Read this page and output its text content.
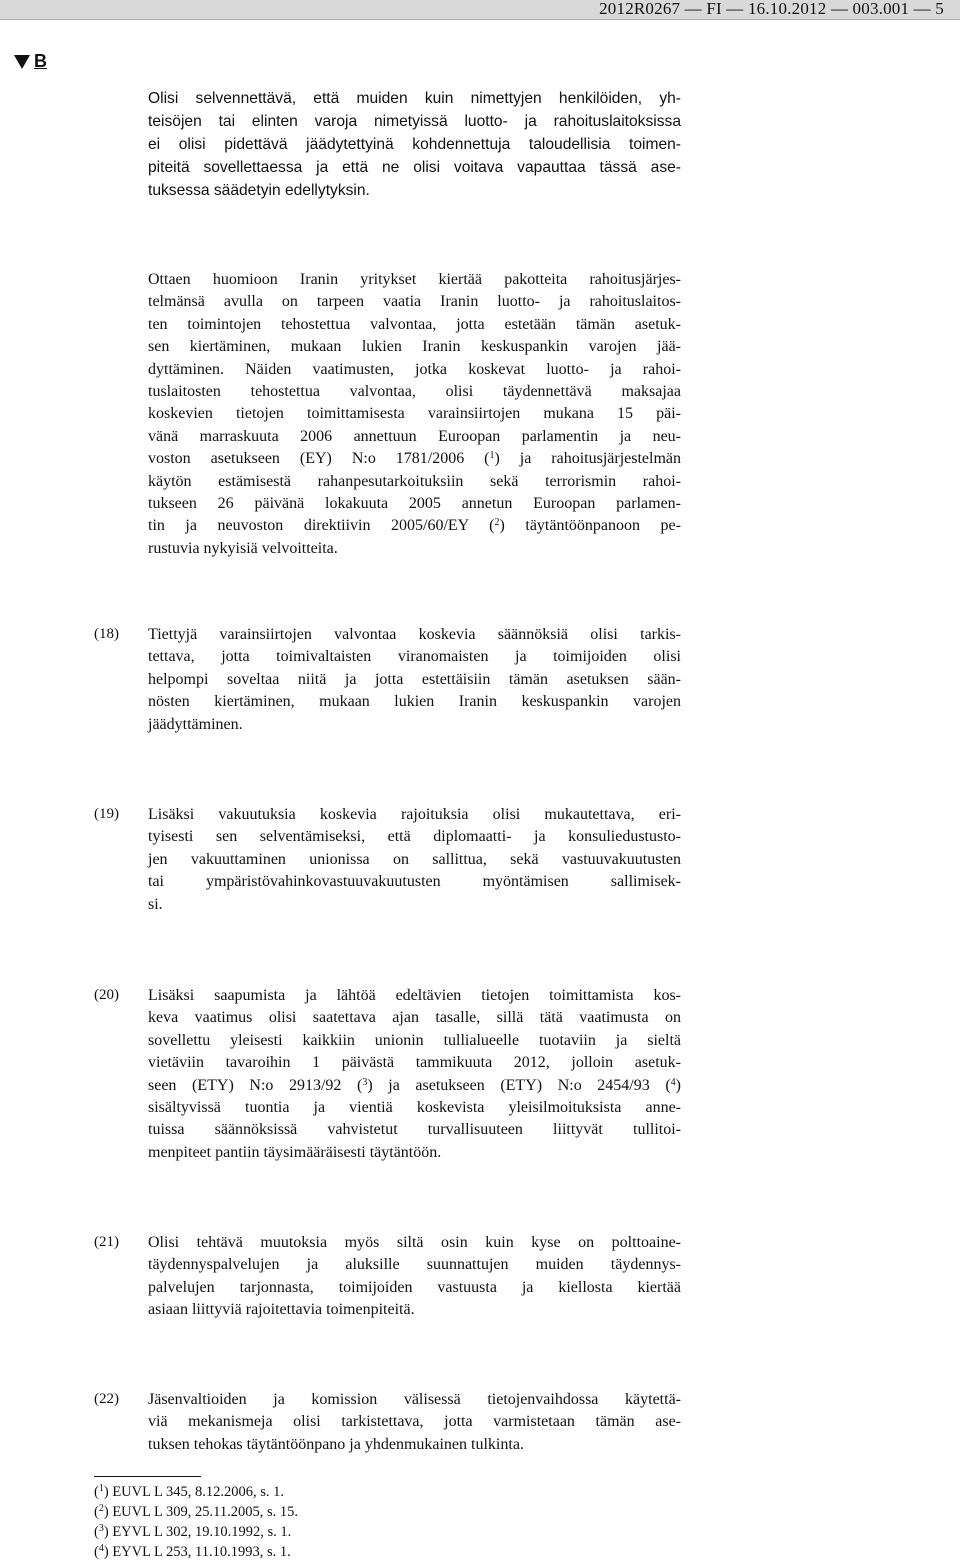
2012R0267 — FI — 16.10.2012 — 003.001 — 5
B
Olisi selvennettävä, että muiden kuin nimettyjen henkilöiden, yh-
teisöjen tai elinten varoja nimetyissä luotto- ja rahoituslaitoksissa
ei olisi pidettävä jäädytettyinä kohdennettuja taloudellisia toimen-
piteitä sovellettaessa ja että ne olisi voitava vapauttaa tässä ase-
tuksessa säädetyin edellytyksin.
Ottaen huomioon Iranin yritykset kiertää pakotteita rahoitusjärjes-
telmänsä avulla on tarpeen vaatia Iranin luotto- ja rahoituslaitos-
ten toimintojen tehostettua valvontaa, jotta estetään tämän asetuk-
sen kiertäminen, mukaan lukien Iranin keskuspankin varojen jää-
dyttäminen. Näiden vaatimusten, jotka koskevat luotto- ja rahoi-
tuslaitosten tehostettua valvontaa, olisi täydennettävä maksajaa
koskevien tietojen toimittamisesta varainsiirtojen mukana 15 päi-
vänä marraskuuta 2006 annettuun Euroopan parlamentin ja neu-
voston asetukseen (EY) N:o 1781/2006 ($^1$) ja rahoitusjärjestelmän
käytön estämisestä rahanpesutarkoituksiin sekä terrorismin rahoi-
tukseen 26 päivänä lokakuuta 2005 annetun Euroopan parlamen-
tin ja neuvoston direktiivin 2005/60/EY ($^2$) täytäntöönpanoon pe-
rustuvia nykyisiä velvoitteita.
(18) Tiettyjä varainsiirtojen valvontaa koskevia säännöksiä olisi tarkis-
tettava, jotta toimivaltaisten viranomaisten ja toimijoiden olisi
helpompi soveltaa niitä ja jotta estettäisiin tämän asetuksen sään-
nösten kiertäminen, mukaan lukien Iranin keskuspankin varojen
jäädyttäminen.
(19) Lisäksi vakuutuksia koskevia rajoituksia olisi mukautettava, eri-
tyisesti sen selventämiseksi, että diplomaatti- ja konsuliedustusto-
jen vakuuttaminen unionissa on sallittua, sekä vastuuvakuutusten
tai ympäristövahinkovastuuvakuutusten myöntämisen sallimisek-
si.
(20) Lisäksi saapumista ja lähtöä edeltävien tietojen toimittamista kos-
keva vaatimus olisi saatettava ajan tasalle, sillä tätä vaatimusta on
sovellettu yleisesti kaikkiin unionin tullialueelle tuotaviin ja sieltä
vietäviin tavaroihin 1 päivästä tammikuuta 2012, jolloin asetuk-
seen (ETY) N:o 2913/92 ($^3$) ja asetukseen (ETY) N:o 2454/93 ($^4$)
sisältyvissä tuontia ja vientiä koskevista yleisilmoituksista anne-
tuissa säännöksissä vahvistetut turvallisuuteen liittyvät tullitoi-
menpiteet pantiin täysimääräisesti täytäntöön.
(21) Olisi tehtävä muutoksia myös siltä osin kuin kyse on polttoaine-
täydennyspalvelujen ja aluksille suunnattujen muiden täydennys-
palvelujen tarjonnasta, toimijoiden vastuusta ja kiellosta kiertää
asiaan liittyviä rajoitettavia toimenpiteitä.
(22) Jäsenvaltioiden ja komission välisessä tietojenvaihdossa käytettä-
viä mekanismeja olisi tarkistettava, jotta varmistetaan tämän ase-
tuksen tehokas täytäntöönpano ja yhdenmukainen tulkinta.
($^1$) EUVL L 345, 8.12.2006, s. 1.
($^2$) EUVL L 309, 25.11.2005, s. 15.
($^3$) EYVL L 302, 19.10.1992, s. 1.
($^4$) EYVL L 253, 11.10.1993, s. 1.
